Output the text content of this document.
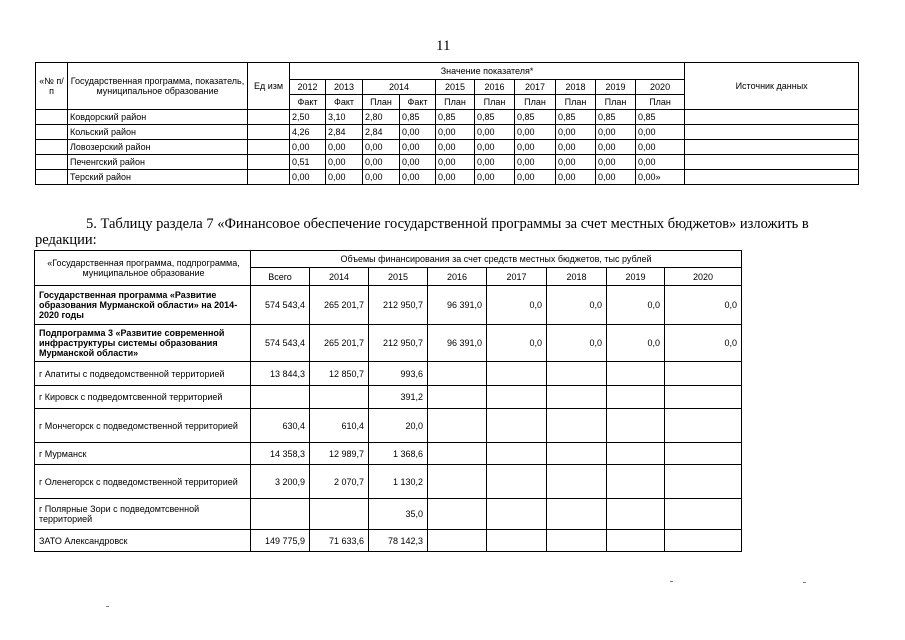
11
«№ п/п	Государственная программа, показатель, муниципальное образование	Ед изм	Значение показателя*										Источник данных
			2012	2013	2014		2015	2016	2017	2018	2019	2020	
			Факт	Факт	План	Факт	План	План	План	План	План	План	
	Ковдорский район		2,50	3,10	2,80	0,85	0,85	0,85	0,85	0,85	0,85	0,85	
	Кольский район		4,26	2,84	2,84	0,00	0,00	0,00	0,00	0,00	0,00	0,00	
	Ловозерский район		0,00	0,00	0,00	0,00	0,00	0,00	0,00	0,00	0,00	0,00	
	Печенгский район		0,51	0,00	0,00	0,00	0,00	0,00	0,00	0,00	0,00	0,00	
	Терский район		0,00	0,00	0,00	0,00	0,00	0,00	0,00	0,00	0,00	0,00»	
5. Таблицу раздела 7 «Финансовое обеспечение государственной программы за счет местных бюджетов» изложить в редакции:
«Государственная программа, подпрограмма, муниципальное образование	Объемы финансирования за счет средств местных бюджетов, тыс рублей							
	Всего	2014	2015	2016	2017	2018	2019	2020
Государственная программа «Развитие образования Мурманской области» на 2014-2020 годы	574 543,4	265 201,7	212 950,7	96 391,0	0,0	0,0	0,0	0,0
Подпрограмма 3 «Развитие современной инфраструктуры системы образования Мурманской области»	574 543,4	265 201,7	212 950,7	96 391,0	0,0	0,0	0,0	0,0
г Апатиты с подведомственной территорией	13 844,3	12 850,7	993,6					
г Кировск с подведомтсвенной территорией			391,2					
г Мончегорск с подведомственной территорией	630,4	610,4	20,0					
г Мурманск	14 358,3	12 989,7	1 368,6					
г Оленегорск с подведомственной территорией	3 200,9	2 070,7	1 130,2					
г Полярные Зори с подведомтсвенной территорией			35,0					
ЗАТО Александровск	149 775,9	71 633,6	78 142,3					
